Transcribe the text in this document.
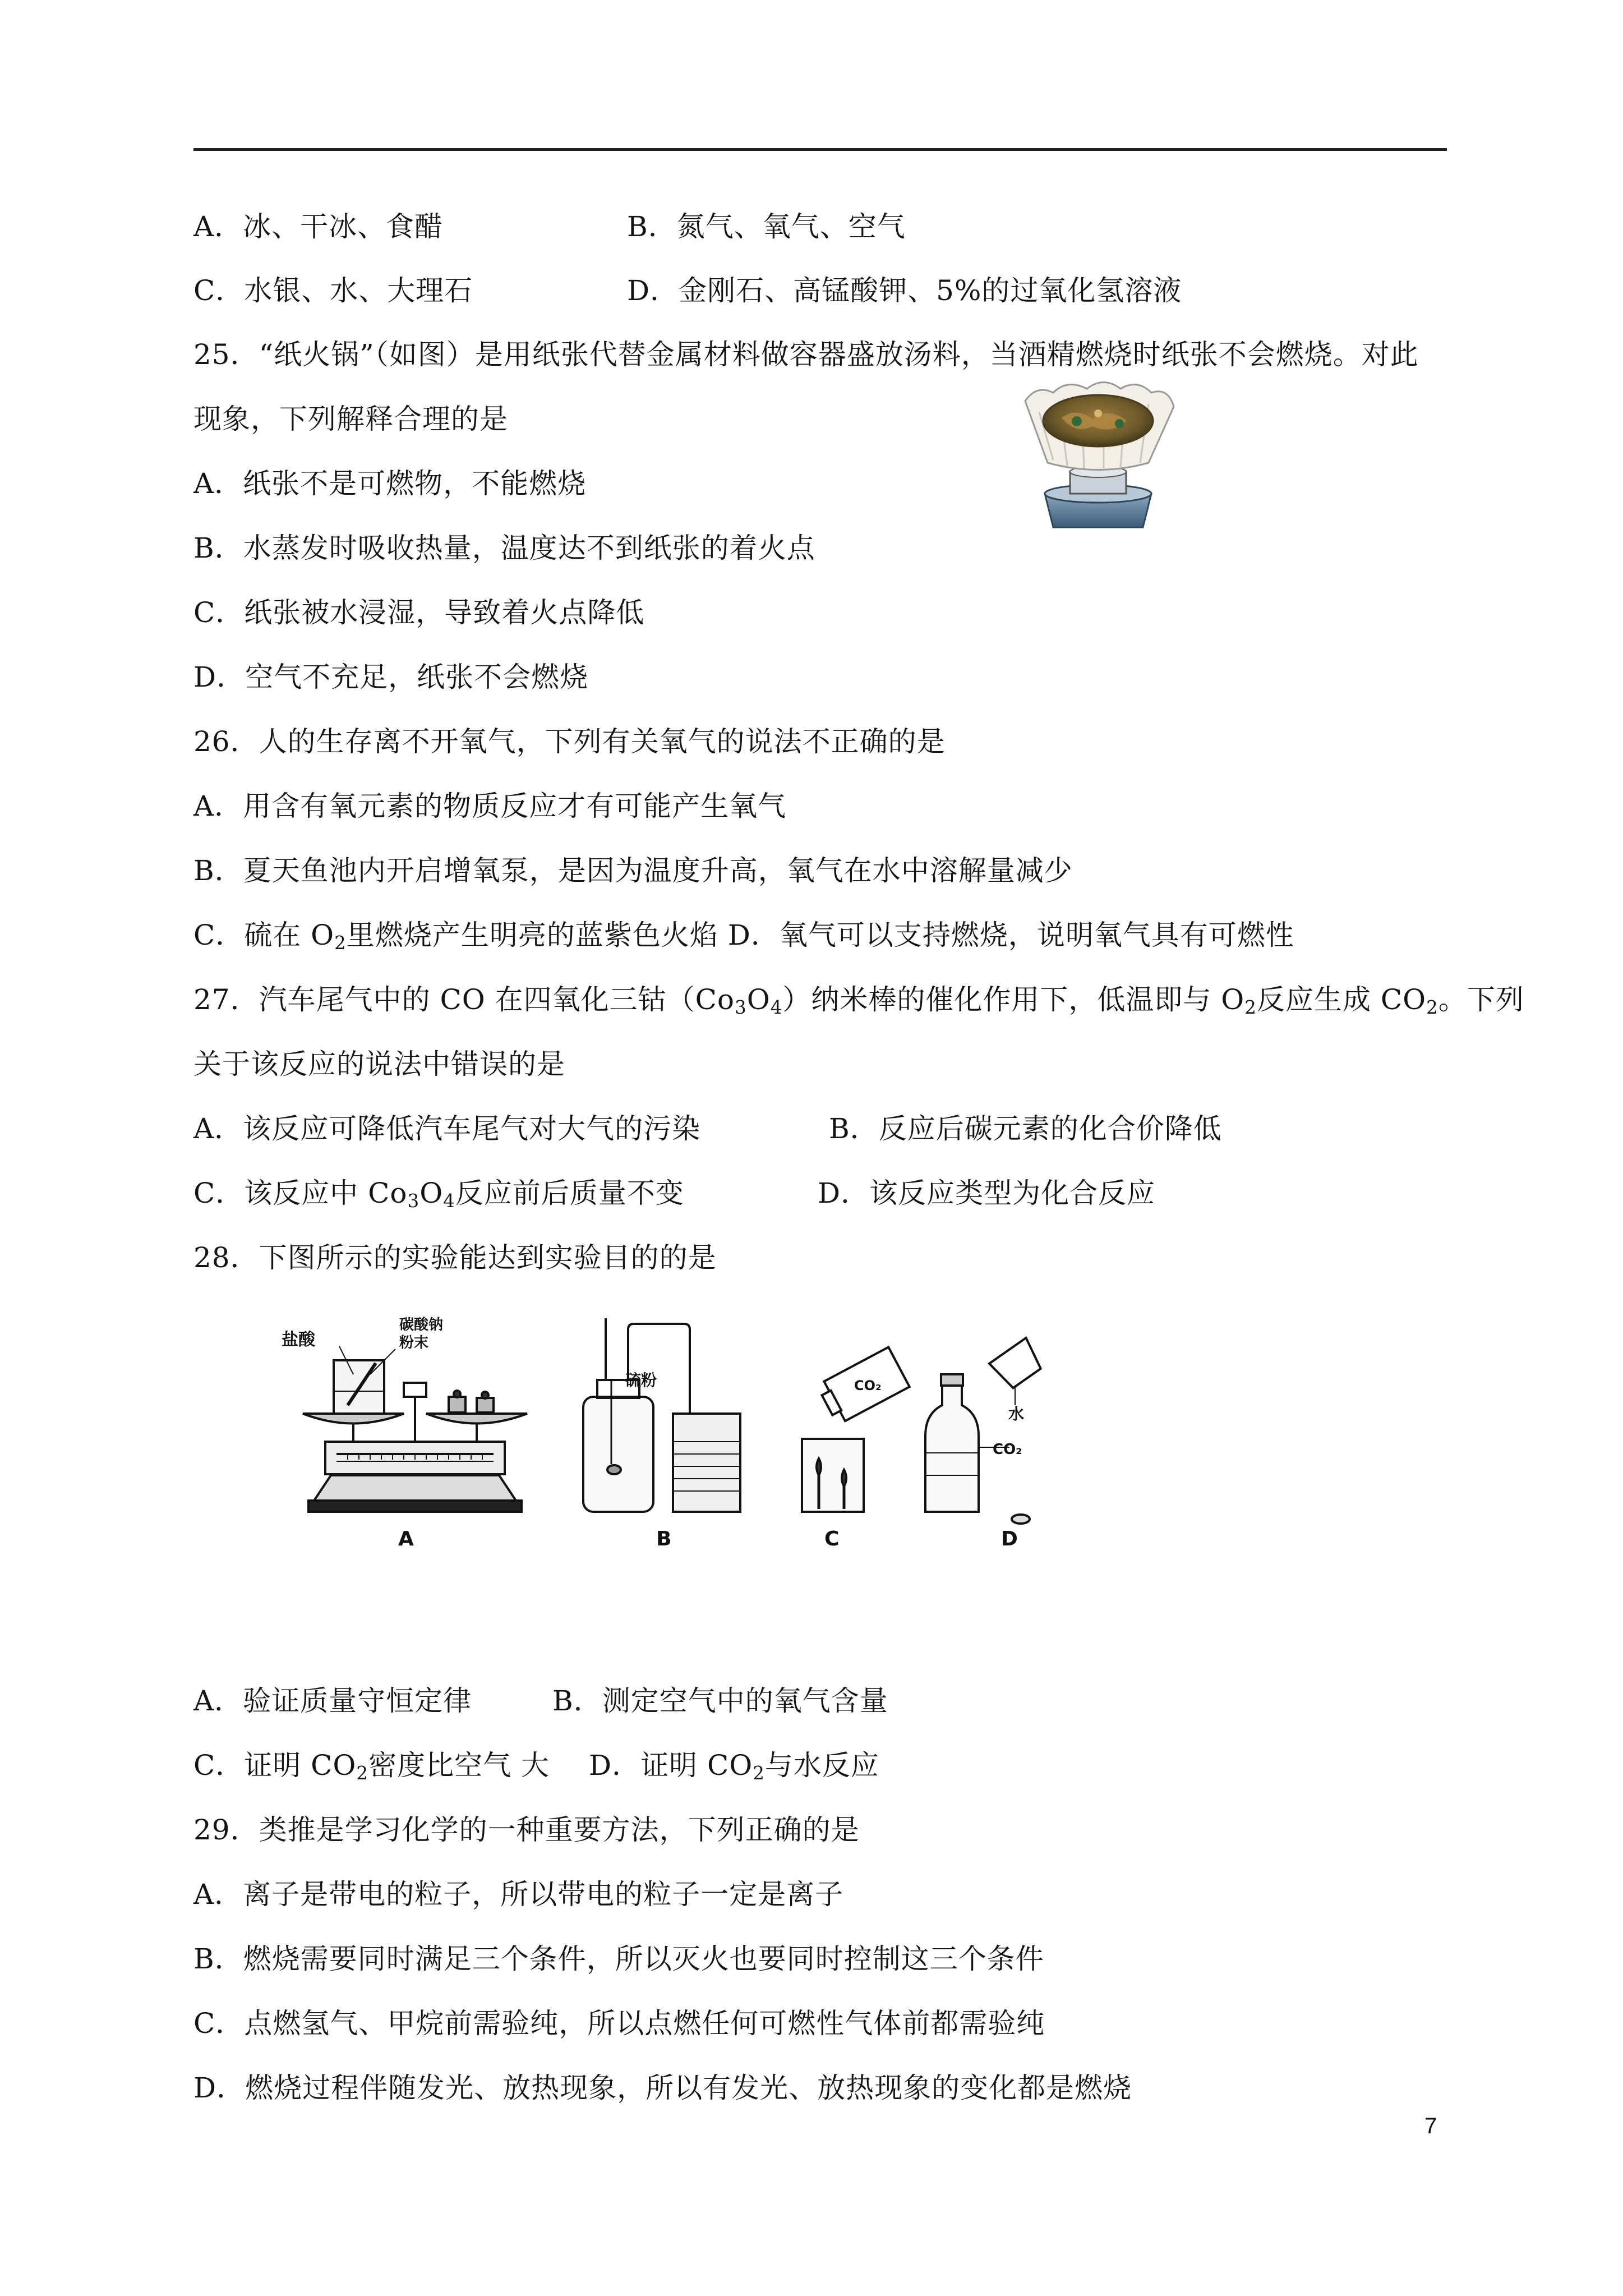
A．冰、干冰、食醋	B．氮气、氧气、空气
C．水银、水、大理石	D．金刚石、高锰酸钾、5%的过氧化氢溶液
25．“纸火锅”（如图）是用纸张代替金属材料做容器盛放汤料，当酒精燃烧时纸张不会燃烧。对此
现象，下列解释合理的是
A．纸张不是可燃物，不能燃烧
B．水蒸发时吸收热量，温度达不到纸张的着火点
C．纸张被水浸湿，导致着火点降低
D．空气不充足，纸张不会燃烧
26．人的生存离不开氧气，下列有关氧气的说法不正确的是
A．用含有氧元素的物质反应才有可能产生氧气
B．夏天鱼池内开启增氧泵，是因为温度升高，氧气在水中溶解量减少
C．硫在 $O_2$里燃烧产生明亮的蓝紫色火焰 D．氧气可以支持燃烧，说明氧气具有可燃性
27．汽车尾气中的 CO 在四氧化三钴$(Co_3O_4)$纳米棒的催化作用下，低温即与 $O_2$反应生成 $CO_2$。下列
关于该反应的说法中错误的是
A．该反应可降低汽车尾气对大气的污染	B．反应后碳元素的化合价降低
C．该反应中 $Co_3O_4$反应前后质量不变	D．该反应类型为化合反应
28．下图所示的实验能达到实验目的的是
盐酸
碳酸钠
粉末
A
硫粉
B
CO₂
C
水
CO₂
D
A．验证质量守恒定律	B．测定空气中的氧气含量
C．证明 $CO_2$密度比空气 大 D．证明 $CO_2$与水反应
29．类推是学习化学的一种重要方法，下列正确的是
A．离子是带电的粒子，所以带电的粒子一定是离子
B．燃烧需要同时满足三个条件，所以灭火也要同时控制这三个条件
C．点燃氢气、甲烷前需验纯，所以点燃任何可燃性气体前都需验纯
D．燃烧过程伴随发光、放热现象，所以有发光、放热现象的变化都是燃烧
7
